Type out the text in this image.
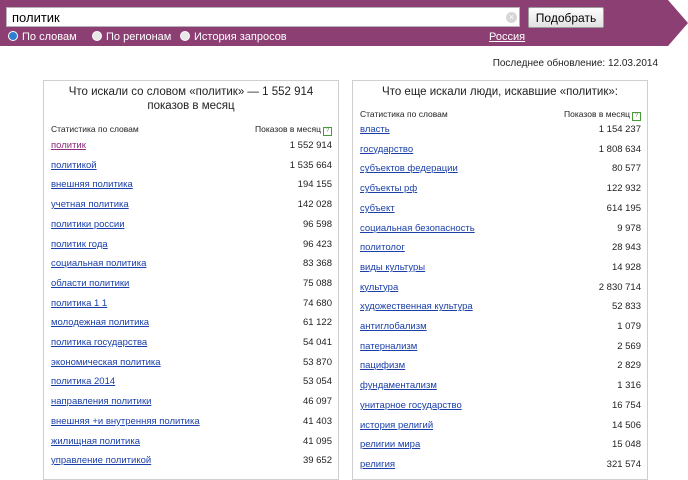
политик
×	Подобрать
По словам	По регионам	История запросов	Россия
Последнее обновление: 12.03.2014
Что искали со словом «политик» — 1 552 914
показов в месяц
Статистика по словам	Показов в месяц ?
политик	1 552 914
политикой	1 535 664
внешняя политика	194 155
учетная политика	142 028
политики россии	96 598
политик года	96 423
социальная политика	83 368
области политики	75 088
политика 1 1	74 680
молодежная политика	61 122
политика государства	54 041
экономическая политика	53 870
политика 2014	53 054
направления политики	46 097
внешняя +и внутренняя политика	41 403
жилищная политика	41 095
управление политикой	39 652
Что еще искали люди, искавшие «политик»:
Статистика по словам	Показов в месяц ?
власть	1 154 237
государство	1 808 634
субъектов федерации	80 577
субъекты рф	122 932
субъект	614 195
социальная безопасность	9 978
политолог	28 943
виды культуры	14 928
культура	2 830 714
художественная культура	52 833
антиглобализм	1 079
патернализм	2 569
пацифизм	2 829
фундаментализм	1 316
унитарное государство	16 754
история религий	14 506
религии мира	15 048
религия	321 574
